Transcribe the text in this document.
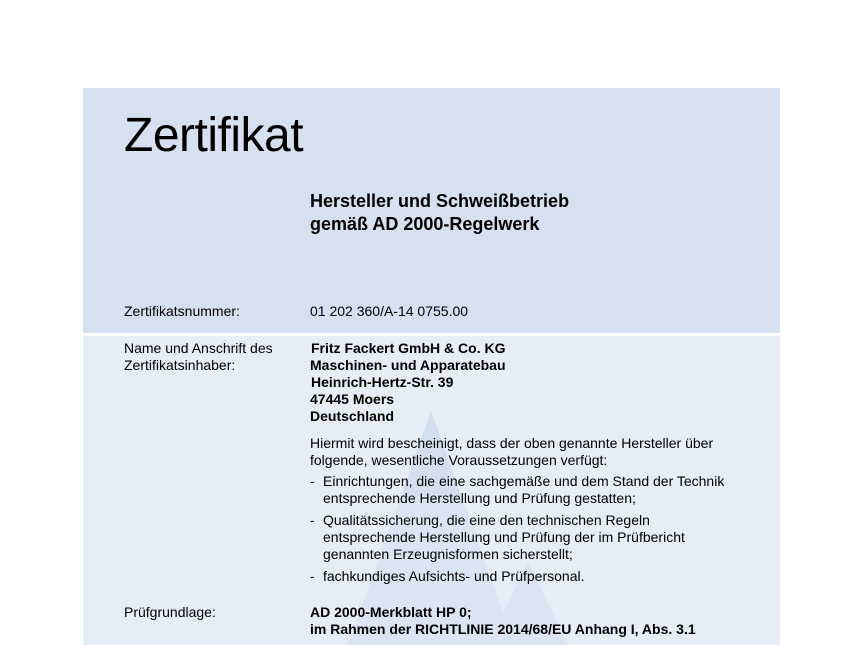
Zertifikat
Hersteller und Schweißbetrieb
gemäß AD 2000-Regelwerk
Zertifikatsnummer:	01 202 360/A-14 0755.00
Name und Anschrift des
Zertifikatsinhaber:
Fritz Fackert GmbH & Co. KG
Maschinen- und Apparatebau
Heinrich-Hertz-Str. 39
47445 Moers
Deutschland

Hiermit wird bescheinigt, dass der oben genannte Hersteller über folgende, wesentliche Voraussetzungen verfügt:

- Einrichtungen, die eine sachgemäße und dem Stand der Technik entsprechende Herstellung und Prüfung gestatten;
- Qualitätssicherung, die eine den technischen Regeln entsprechende Herstellung und Prüfung der im Prüfbericht genannten Erzeugnisformen sicherstellt;
- fachkundiges Aufsichts- und Prüfpersonal.
Prüfgrundlage:	AD 2000-Merkblatt HP 0;
im Rahmen der RICHTLINIE 2014/68/EU Anhang I, Abs. 3.1
